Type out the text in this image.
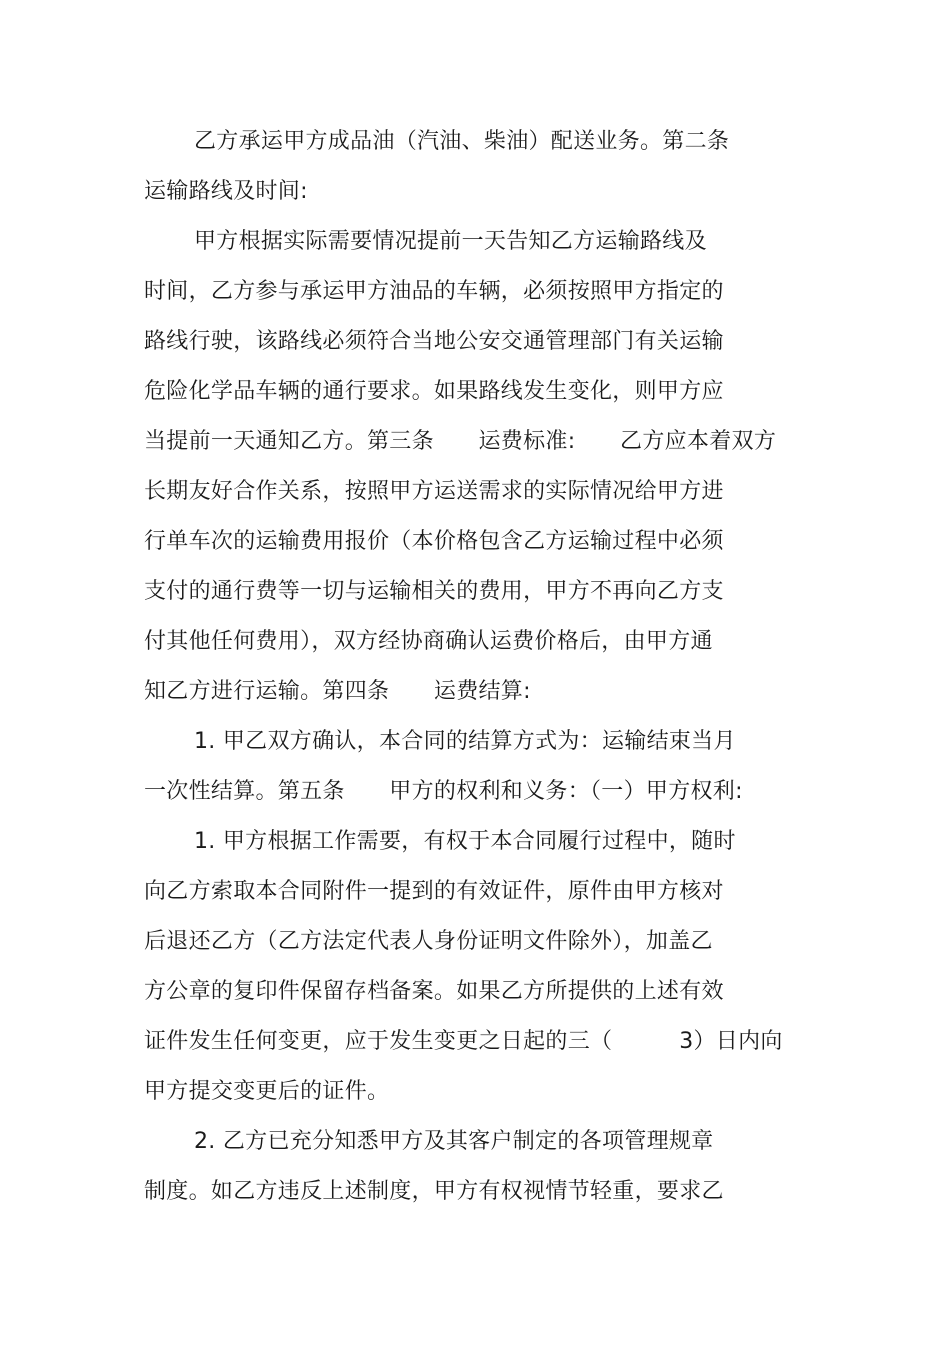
乙方承运甲方成品油（汽油、柴油）配送业务。第二条
运输路线及时间:
甲方根据实际需要情况提前一天告知乙方运输路线及
时间，乙方参与承运甲方油品的车辆，必须按照甲方指定的
路线行驶，该路线必须符合当地公安交通管理部门有关运输
危险化学品车辆的通行要求。如果路线发生变化，则甲方应
当提前一天通知乙方。第三条　　运费标准:　　乙方应本着双方
长期友好合作关系，按照甲方运送需求的实际情况给甲方进
行单车次的运输费用报价（本价格包含乙方运输过程中必须
支付的通行费等一切与运输相关的费用，甲方不再向乙方支
付其他任何费用），双方经协商确认运费价格后，由甲方通
知乙方进行运输。第四条　　运费结算:
1. 甲乙双方确认，本合同的结算方式为：运输结束当月
一次性结算。第五条　　甲方的权利和义务：（一）甲方权利:
1. 甲方根据工作需要，有权于本合同履行过程中，随时
向乙方索取本合同附件一提到的有效证件，原件由甲方核对
后退还乙方（乙方法定代表人身份证明文件除外），加盖乙
方公章的复印件保留存档备案。如果乙方所提供的上述有效
证件发生任何变更，应于发生变更之日起的三（　　　3）日内向
甲方提交变更后的证件。
2. 乙方已充分知悉甲方及其客户制定的各项管理规章
制度。如乙方违反上述制度，甲方有权视情节轻重，要求乙
